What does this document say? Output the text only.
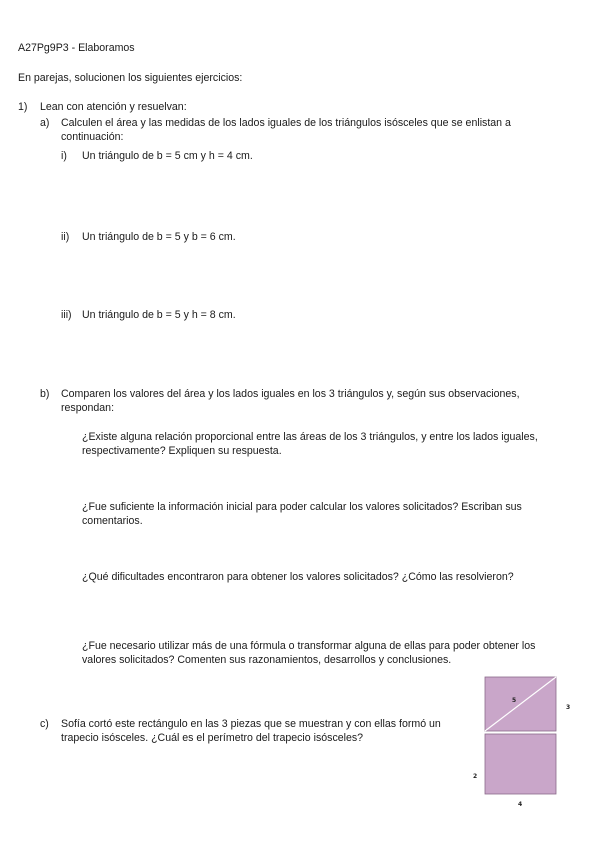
A27Pg9P3 - Elaboramos
En parejas, solucionen los siguientes ejercicios:
1) Lean con atención y resuelvan:
a) Calculen el área y las medidas de los lados iguales de los triángulos isósceles que se enlistan a continuación:
i) Un triángulo de b = 5 cm y h = 4 cm.
ii) Un triángulo de b = 5 y b = 6 cm.
iii) Un triángulo de b = 5 y h = 8 cm.
b) Comparen los valores del área y los lados iguales en los 3 triángulos y, según sus observaciones, respondan:
¿Existe alguna relación proporcional entre las áreas de los 3 triángulos, y entre los lados iguales, respectivamente? Expliquen su respuesta.
¿Fue suficiente la información inicial para poder calcular los valores solicitados? Escriban sus comentarios.
¿Qué dificultades encontraron para obtener los valores solicitados? ¿Cómo las resolvieron?
¿Fue necesario utilizar más de una fórmula o transformar alguna de ellas para poder obtener los valores solicitados? Comenten sus razonamientos, desarrollos y conclusiones.
c) Sofía cortó este rectángulo en las 3 piezas que se muestran y con ellas formó un trapecio isósceles. ¿Cuál es el perímetro del trapecio isósceles?
5
3
2
4
